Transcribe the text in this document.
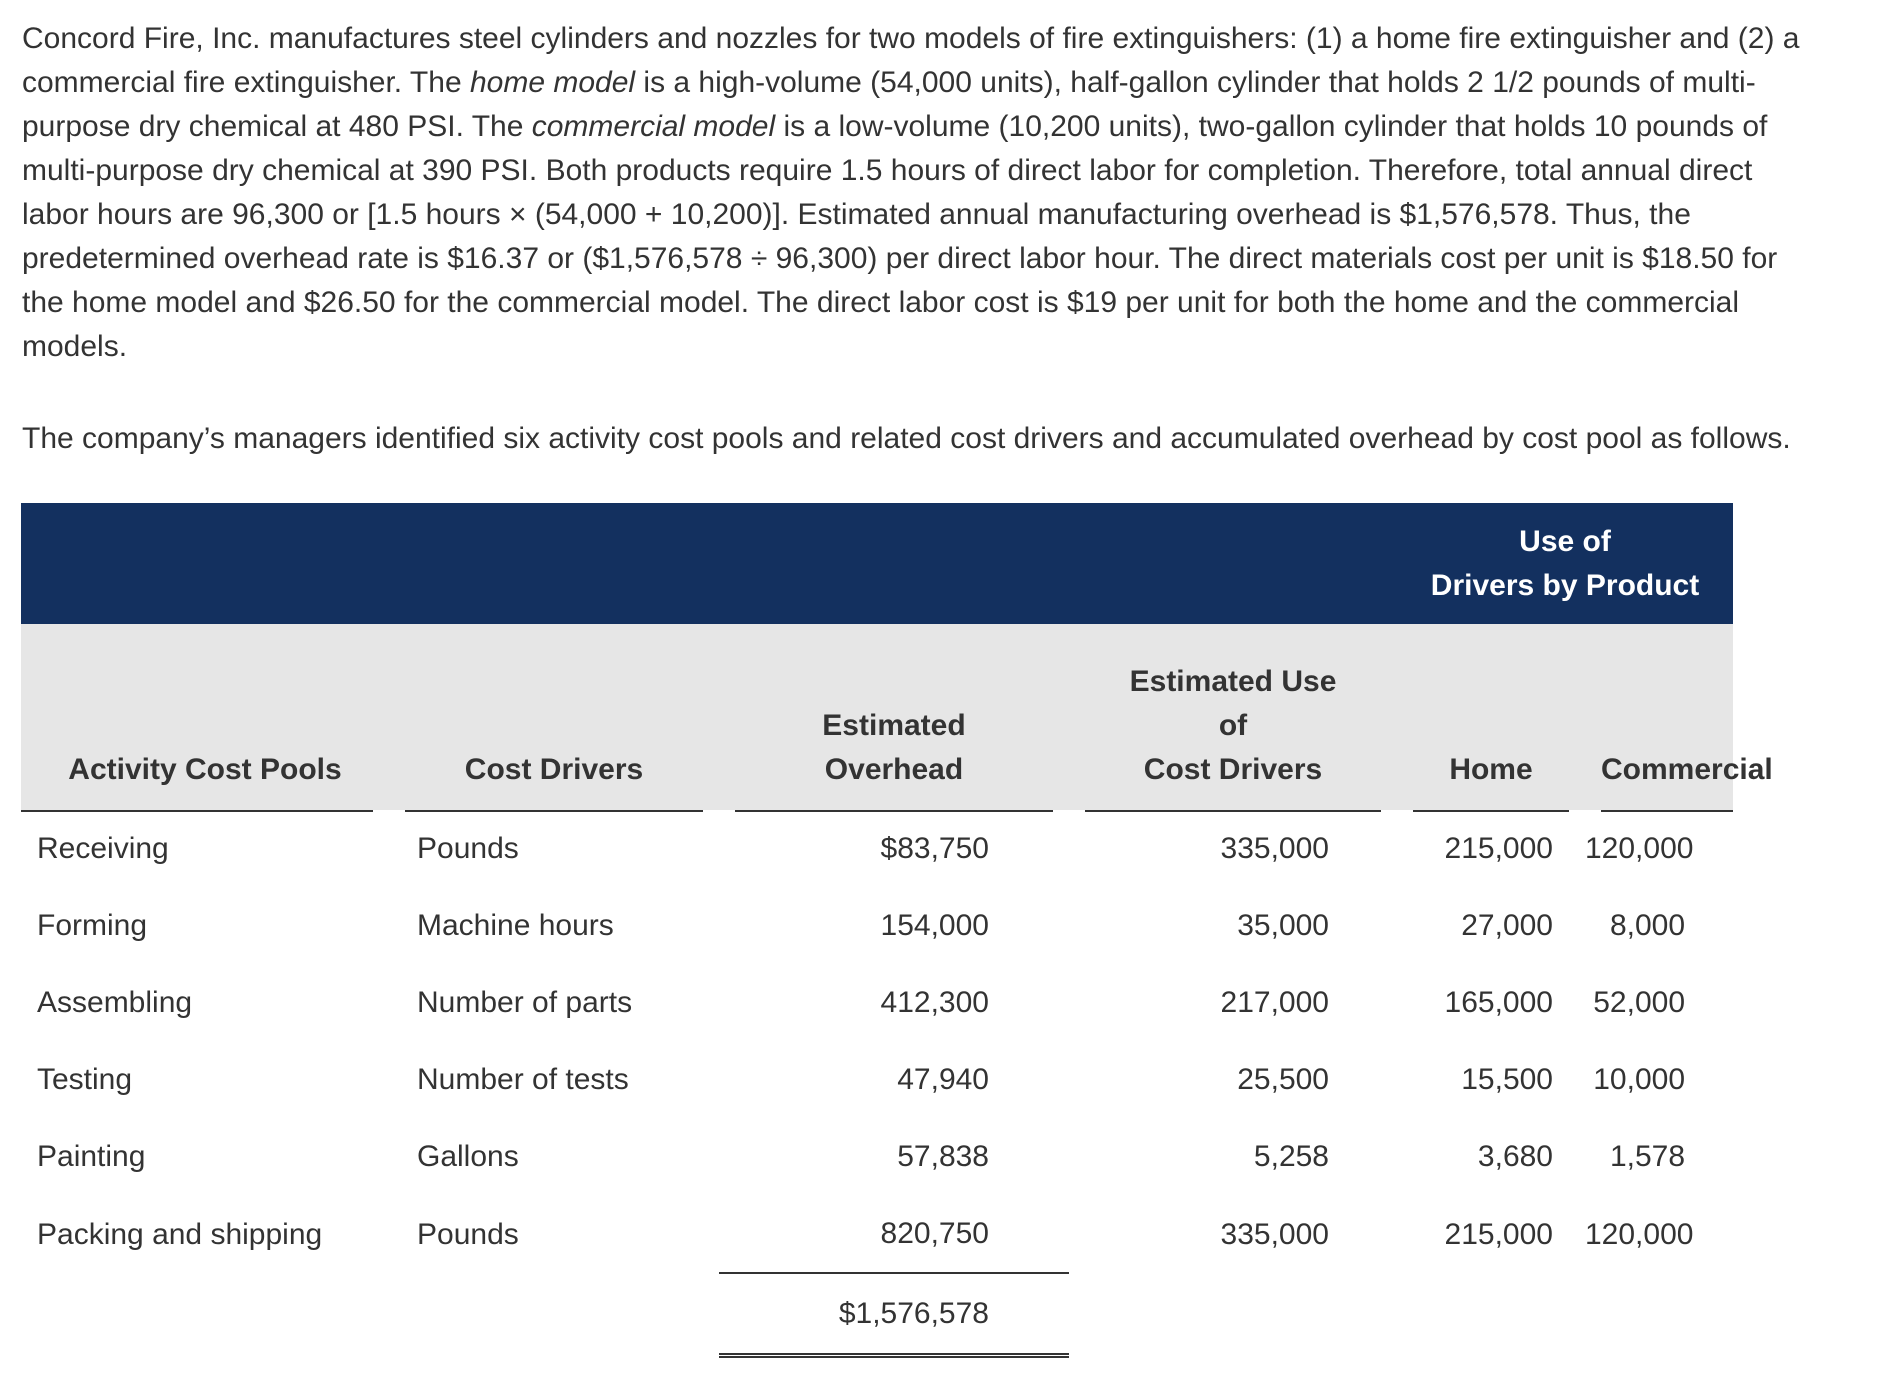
Concord Fire, Inc. manufactures steel cylinders and nozzles for two models of fire extinguishers: (1) a home fire extinguisher and (2) a
commercial fire extinguisher. The home model is a high-volume (54,000 units), half-gallon cylinder that holds 2 1/2 pounds of multi-
purpose dry chemical at 480 PSI. The commercial model is a low-volume (10,200 units), two-gallon cylinder that holds 10 pounds of
multi-purpose dry chemical at 390 PSI. Both products require 1.5 hours of direct labor for completion. Therefore, total annual direct
labor hours are 96,300 or [1.5 hours × (54,000 + 10,200)]. Estimated annual manufacturing overhead is $1,576,578. Thus, the
predetermined overhead rate is $16.37 or ($1,576,578 ÷ 96,300) per direct labor hour. The direct materials cost per unit is $18.50 for
the home model and $26.50 for the commercial model. The direct labor cost is $19 per unit for both the home and the commercial
models.

The company’s managers identified six activity cost pools and related cost drivers and accumulated overhead by cost pool as follows.

				Use of
Drivers by Product	

Activity Cost Pools	Cost Drivers	Estimated
Overhead	Estimated Use
of
Cost Drivers	Home	Commercial

Receiving	Pounds	$83,750	335,000	215,000	120,000
Forming	Machine hours	154,000	35,000	27,000	8,000
Assembling	Number of parts	412,300	217,000	165,000	52,000
Testing	Number of tests	47,940	25,500	15,500	10,000
Painting	Gallons	57,838	5,258	3,680	1,578
Packing and shipping	Pounds	820,750	335,000	215,000	120,000
		$1,576,578			
